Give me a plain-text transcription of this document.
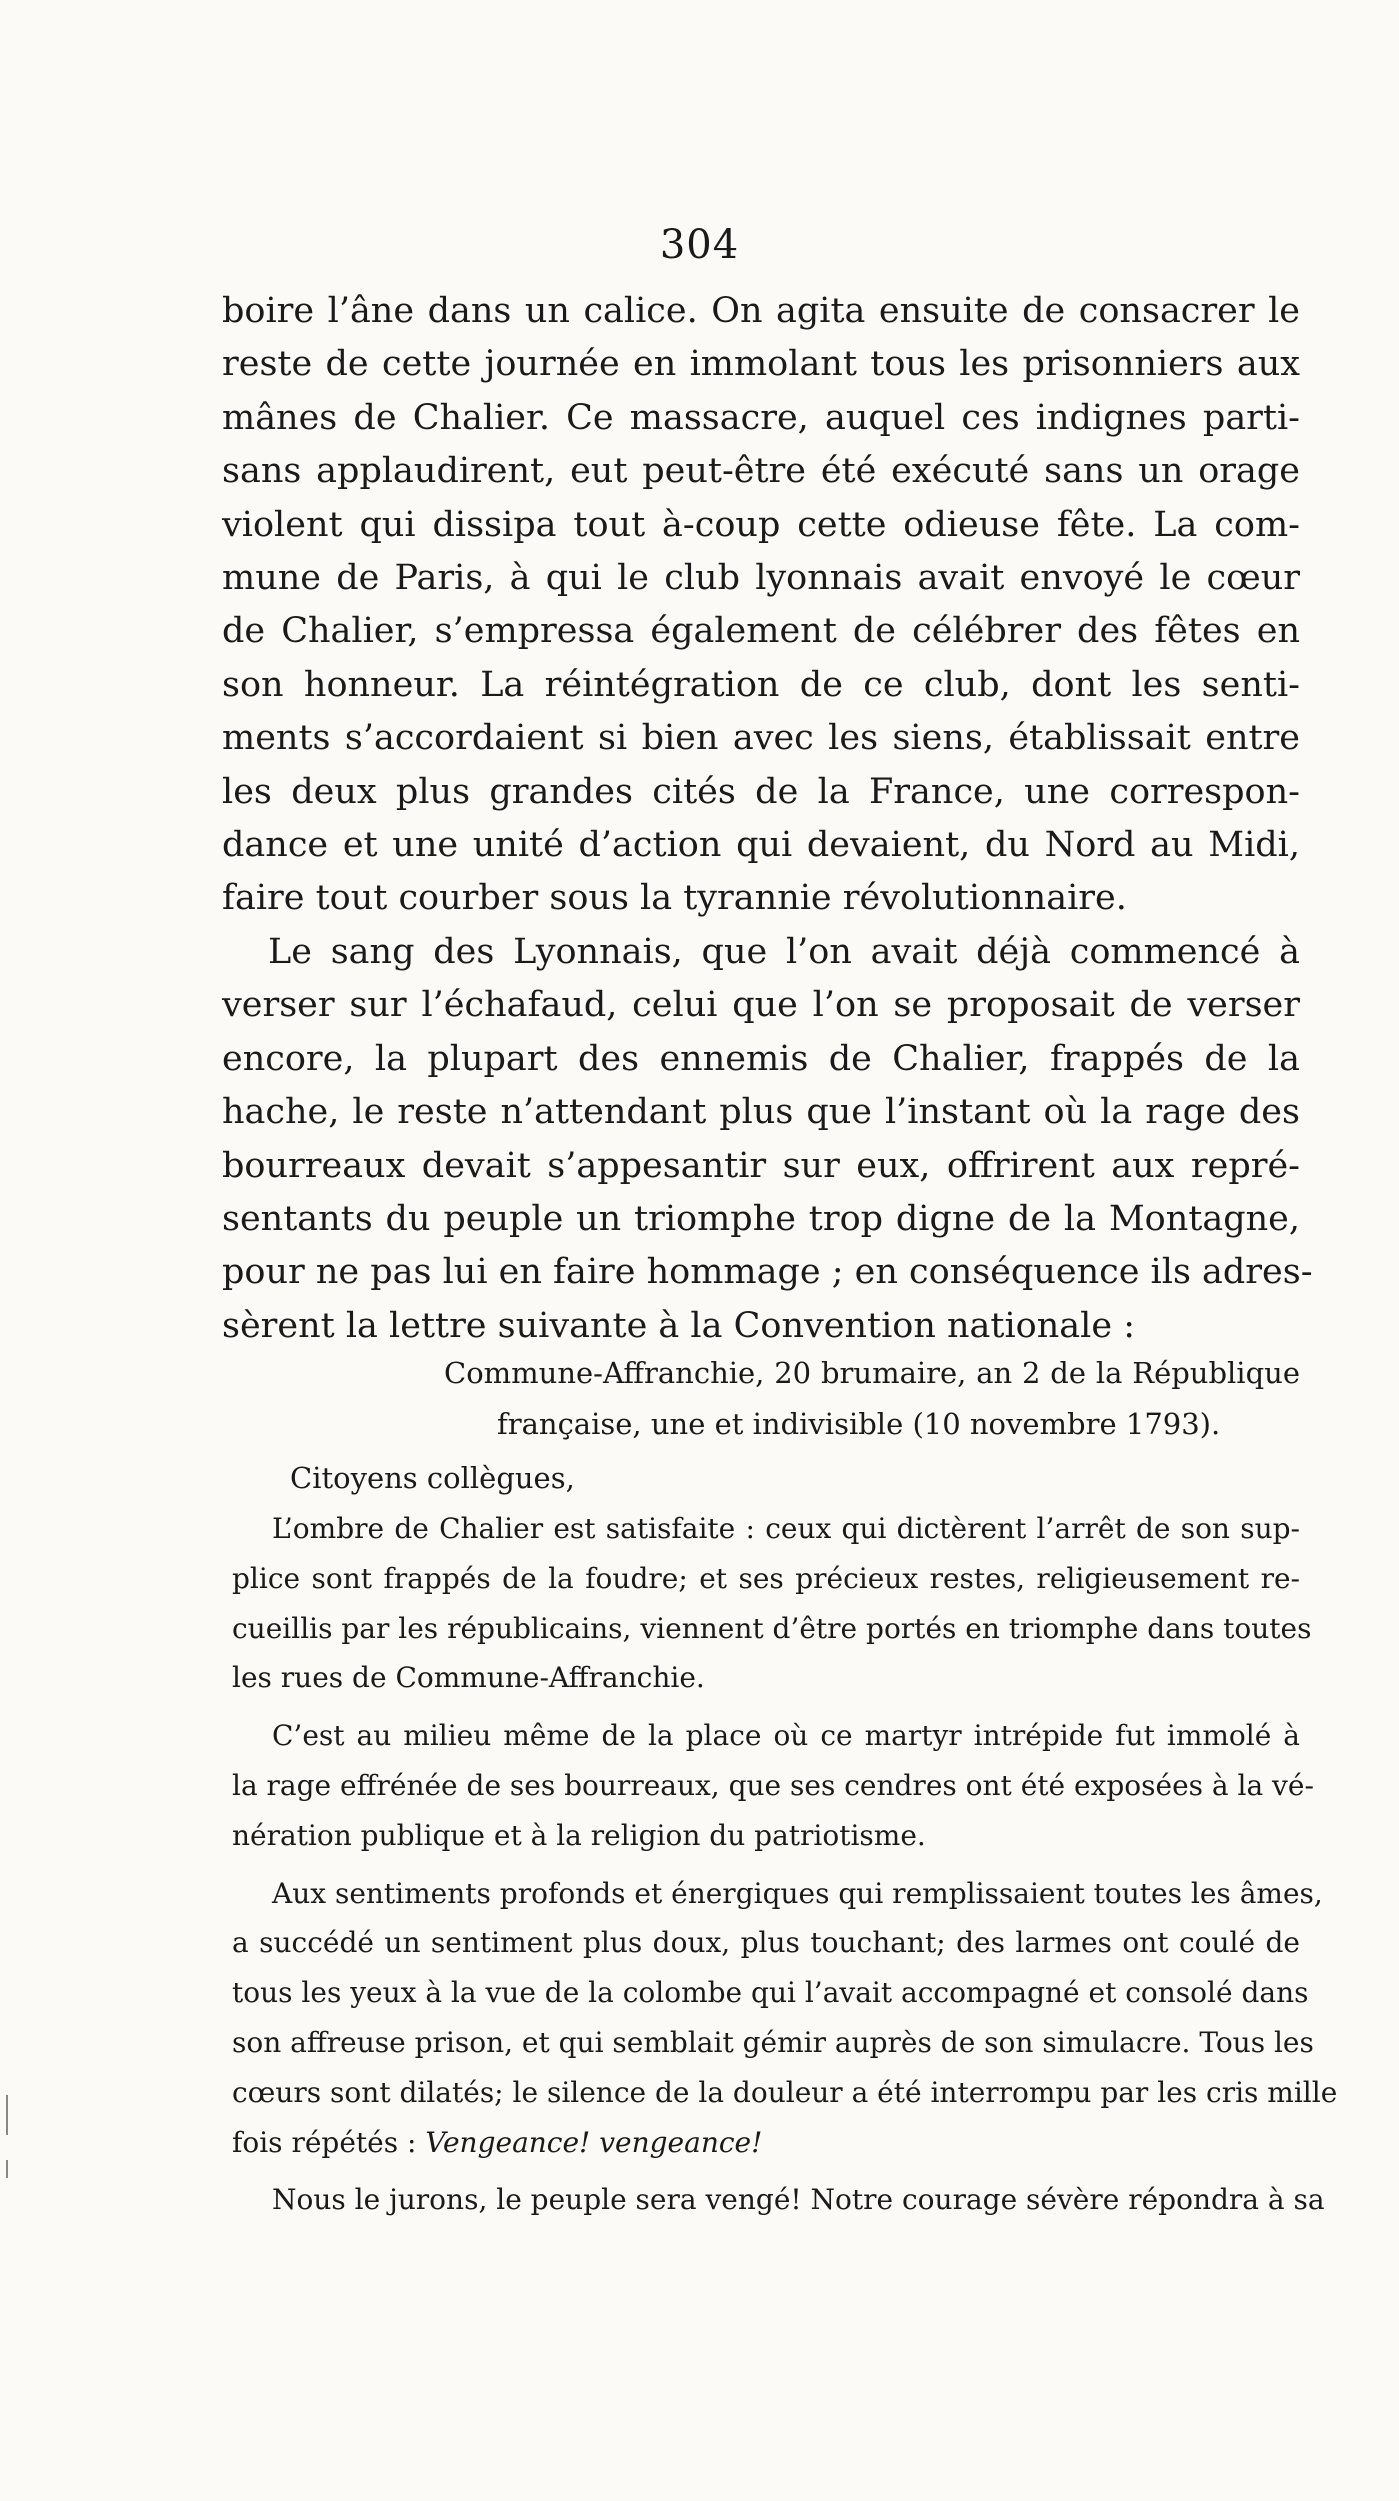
304
boire l’âne dans un calice. On agita ensuite de consacrer le
reste de cette journée en immolant tous les prisonniers aux
mânes de Chalier. Ce massacre, auquel ces indignes parti-
sans applaudirent, eut peut-être été exécuté sans un orage
violent qui dissipa tout à-coup cette odieuse fête. La com-
mune de Paris, à qui le club lyonnais avait envoyé le cœur
de Chalier, s’empressa également de célébrer des fêtes en
son honneur. La réintégration de ce club, dont les senti-
ments s’accordaient si bien avec les siens, établissait entre
les deux plus grandes cités de la France, une correspon-
dance et une unité d’action qui devaient, du Nord au Midi,
faire tout courber sous la tyrannie révolutionnaire.
Le sang des Lyonnais, que l’on avait déjà commencé à
verser sur l’échafaud, celui que l’on se proposait de verser
encore, la plupart des ennemis de Chalier, frappés de la
hache, le reste n’attendant plus que l’instant où la rage des
bourreaux devait s’appesantir sur eux, offrirent aux repré-
sentants du peuple un triomphe trop digne de la Montagne,
pour ne pas lui en faire hommage ; en conséquence ils adres-
sèrent la lettre suivante à la Convention nationale :
Commune-Affranchie, 20 brumaire, an 2 de la République
française, une et indivisible (10 novembre 1793).
Citoyens collègues,
L’ombre de Chalier est satisfaite : ceux qui dictèrent l’arrêt de son sup-
plice sont frappés de la foudre; et ses précieux restes, religieusement re-
cueillis par les républicains, viennent d’être portés en triomphe dans toutes
les rues de Commune-Affranchie.
C’est au milieu même de la place où ce martyr intrépide fut immolé à
la rage effrénée de ses bourreaux, que ses cendres ont été exposées à la vé-
nération publique et à la religion du patriotisme.
Aux sentiments profonds et énergiques qui remplissaient toutes les âmes,
a succédé un sentiment plus doux, plus touchant; des larmes ont coulé de
tous les yeux à la vue de la colombe qui l’avait accompagné et consolé dans
son affreuse prison, et qui semblait gémir auprès de son simulacre. Tous les
cœurs sont dilatés; le silence de la douleur a été interrompu par les cris mille
fois répétés : Vengeance! vengeance!
Nous le jurons, le peuple sera vengé! Notre courage sévère répondra à sa
